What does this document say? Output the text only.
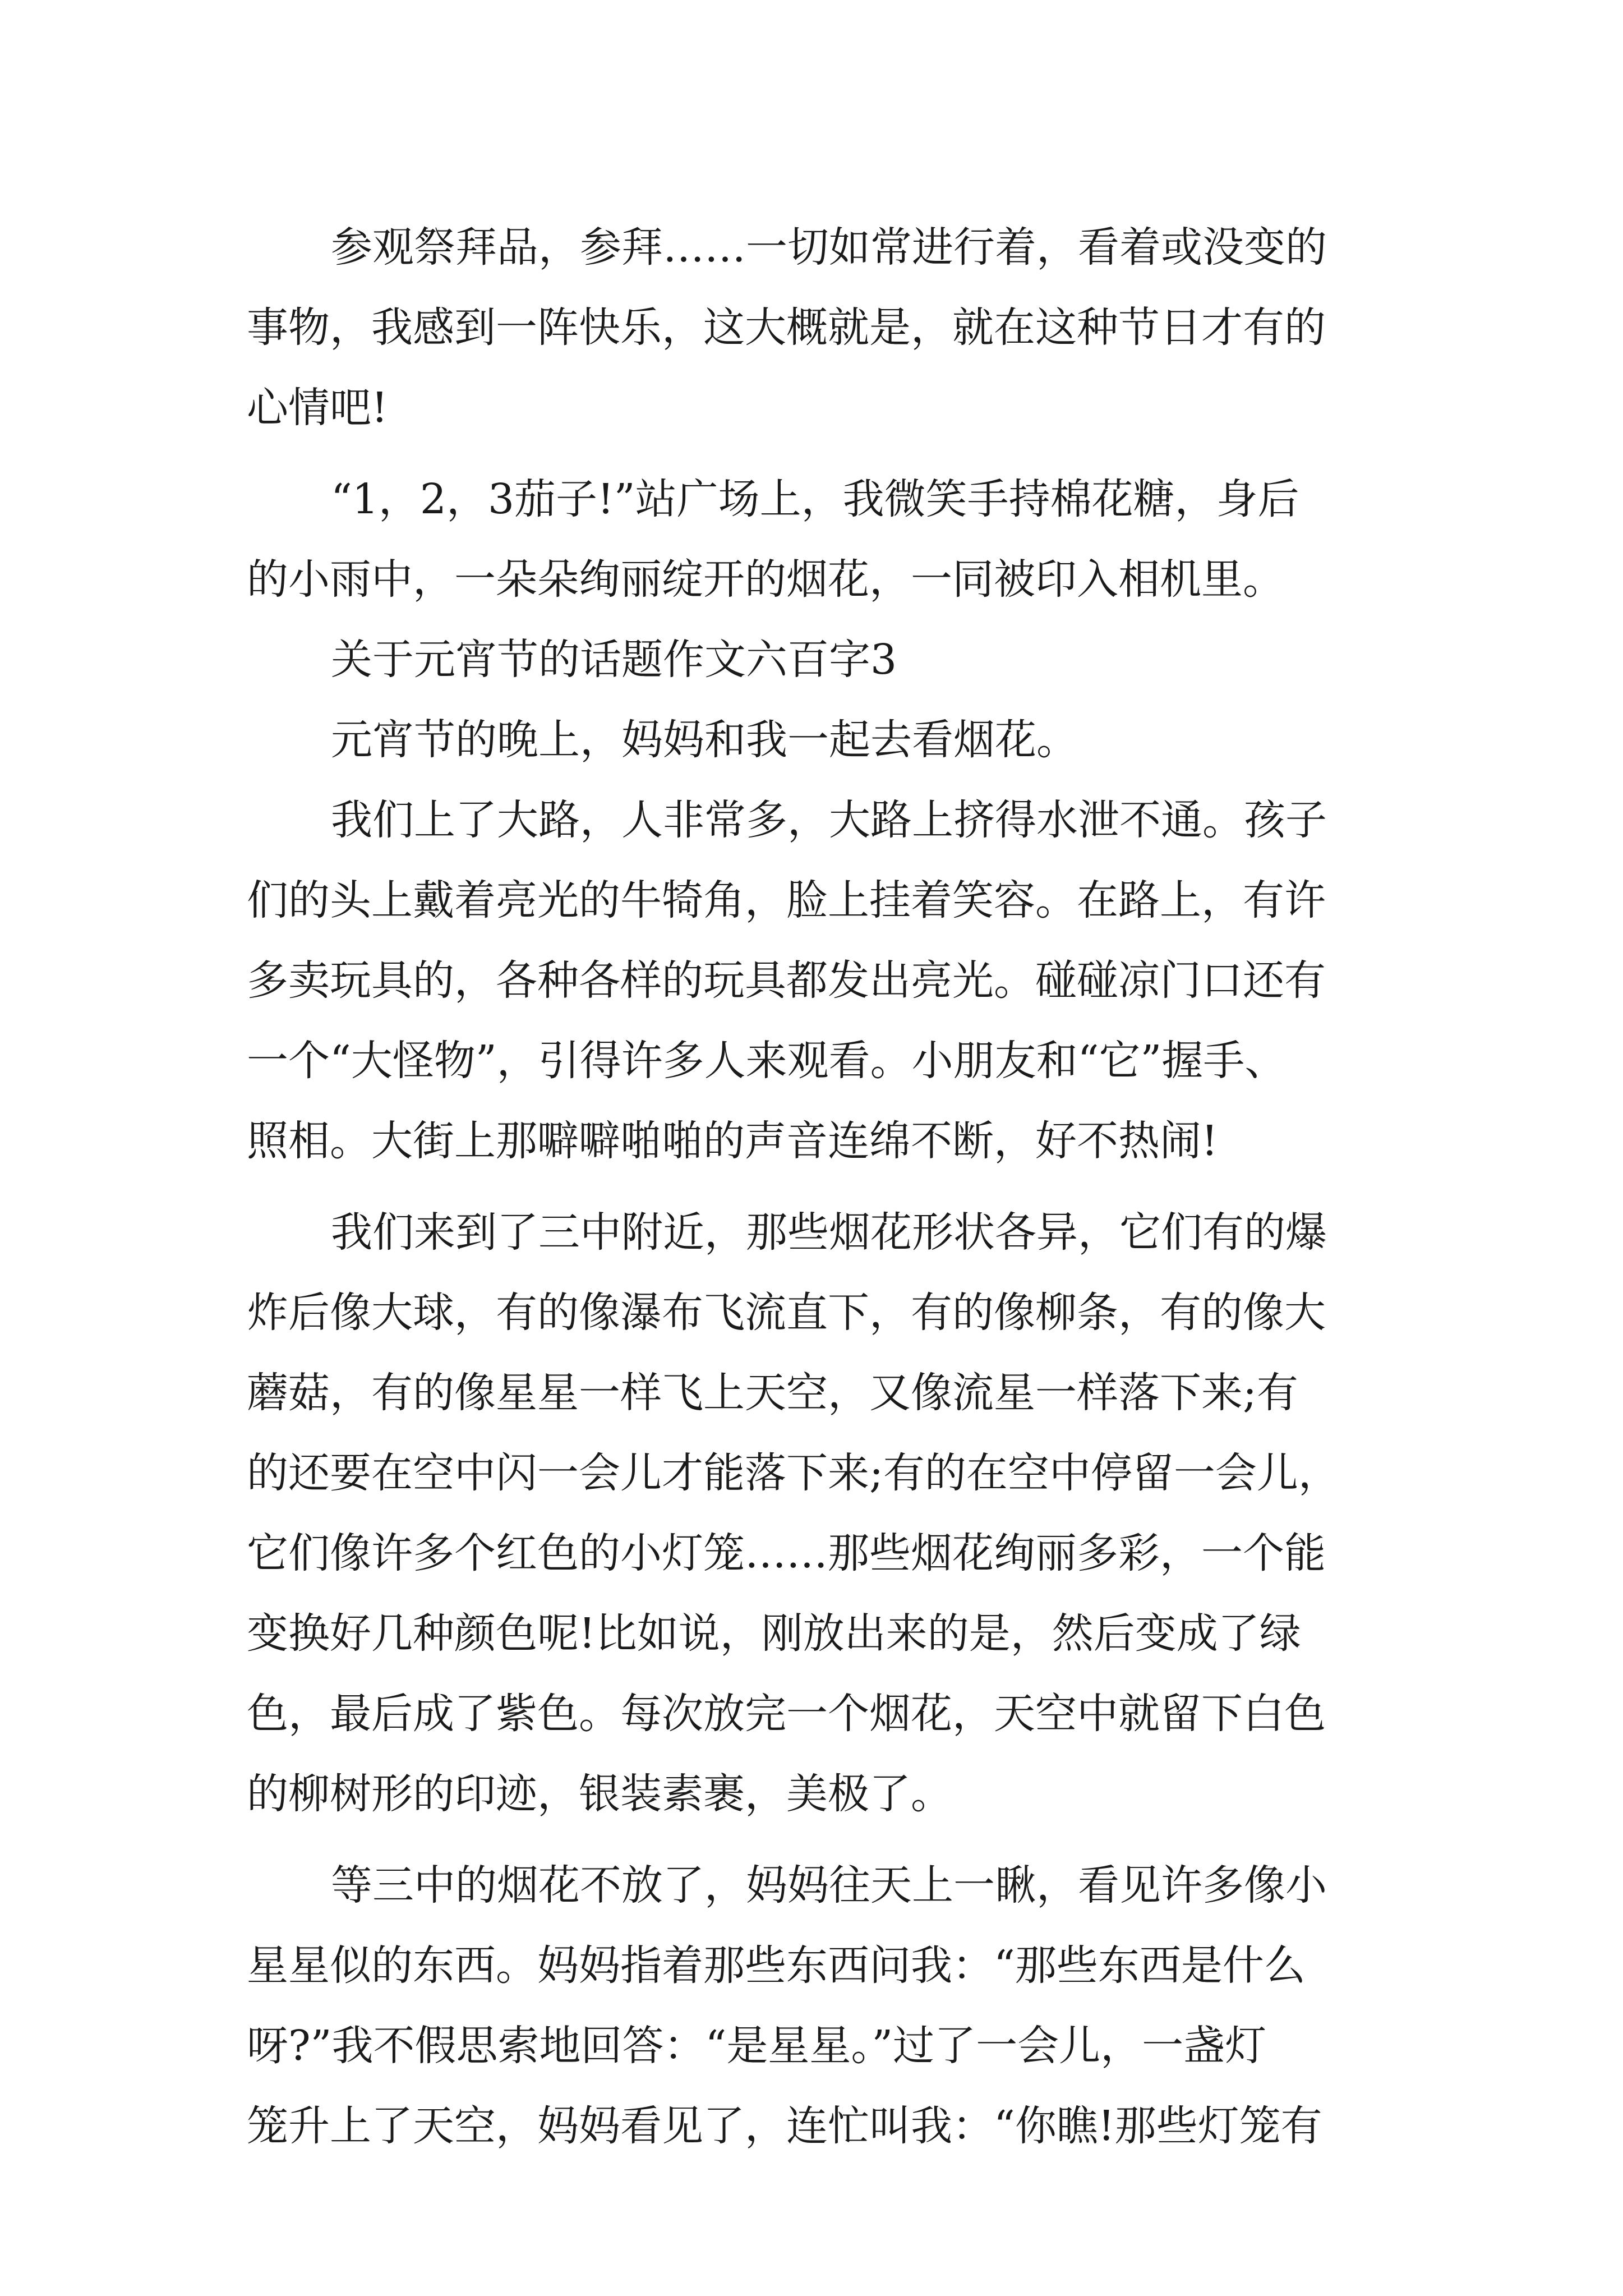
参观祭拜品，参拜……一切如常进行着，看着或没变的
事物，我感到一阵快乐，这大概就是，就在这种节日才有的
心情吧!
“1，2，3茄子!”站广场上，我微笑手持棉花糖，身后
的小雨中，一朵朵绚丽绽开的烟花，一同被印入相机里。
关于元宵节的话题作文六百字3
元宵节的晚上，妈妈和我一起去看烟花。
我们上了大路，人非常多，大路上挤得水泄不通。孩子
们的头上戴着亮光的牛犄角，脸上挂着笑容。在路上，有许
多卖玩具的，各种各样的玩具都发出亮光。碰碰凉门口还有
一个“大怪物”，引得许多人来观看。小朋友和“它”握手、
照相。大街上那噼噼啪啪的声音连绵不断，好不热闹!
我们来到了三中附近，那些烟花形状各异，它们有的爆
炸后像大球，有的像瀑布飞流直下，有的像柳条，有的像大
蘑菇，有的像星星一样飞上天空，又像流星一样落下来;有
的还要在空中闪一会儿才能落下来;有的在空中停留一会儿，
它们像许多个红色的小灯笼……那些烟花绚丽多彩，一个能
变换好几种颜色呢!比如说，刚放出来的是，然后变成了绿
色，最后成了紫色。每次放完一个烟花，天空中就留下白色
的柳树形的印迹，银装素裹，美极了。
等三中的烟花不放了，妈妈往天上一瞅，看见许多像小
星星似的东西。妈妈指着那些东西问我：“那些东西是什么
呀?”我不假思索地回答：“是星星。”过了一会儿，一盏灯
笼升上了天空，妈妈看见了，连忙叫我：“你瞧!那些灯笼有
